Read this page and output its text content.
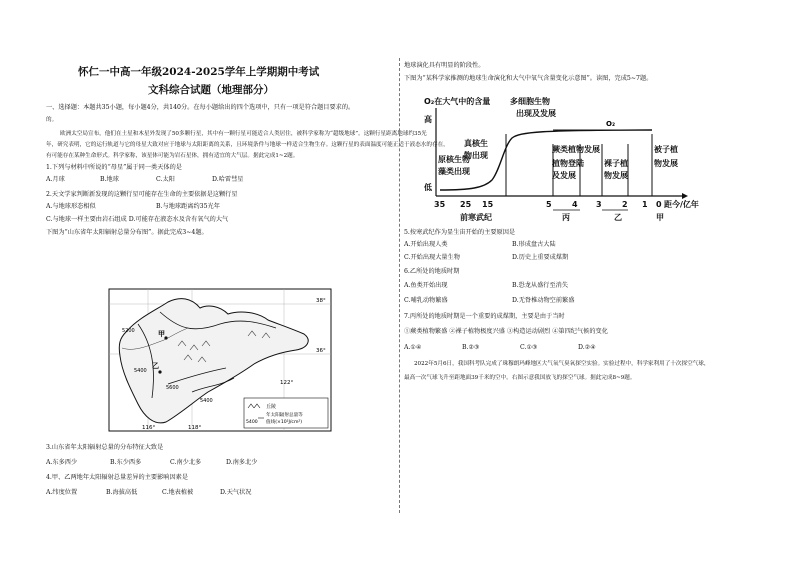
怀仁一中高一年级2024-2025学年上学期期中考试
文科综合试题（地理部分）
一、选择题：本题共35小题，每小题4分，共140分。在每小题给出的四个选项中，只有一项是符合题目要求的。
的。
欧洲太空局宣布，他们在土星和木星外发现了50多颗行星，其中有一颗行星可能适合人类居住，被科学家称为“超级地球”。这颗行星距离地球约35光
年，研究表明，它的运行轨道与它的母星大致对应于地球与太阳距离的关系，且环境条件与地球一样适合生物生存。这颗行星的表面温度可能正适于液态水的存在，
有可能存在某种生命形式。科学家称，该星体可能为岩石星体，拥有适宜的大气层。据此完成1~2题。
1.下列与材料中所说的“母星”属于同一类天体的是
A.月球	B.地球	C.太阳	D.哈雷彗星
2.天文学家判断新发现的这颗行星可能存在生命的主要依据是这颗行星
A.与地球形态相似	B.与地球距离约35光年
C.与地球一样主要由岩石组成 D.可能存在液态水及含有氧气的大气
下图为“山东省年太阳辐射总量分布图”。据此完成3~4题。
5200
5400
5600
5400
甲
乙
38°
36°
116°	118°
122°
丘陵
年太阳辐射总量等
5400 值线(×10²J/cm²)
3.山东省年太阳辐射总量的分布特征大致是
A.东多西少	B.东少西多	C.南少北多	D.南多北少
4.甲、乙两地年太阳辐射总量差异的主要影响因素是
A.纬度位置	B.海拔高低	C.地表植被	D.天气状况
地球演化具有明显的阶段性。
下图为“某科学家推测的地球生命演化和大气中氧气含量变化示意图”。读图，完成5~7题。
O₂在大气中的含量
高
低
O₂
原核生物
藻类出现
真核生
物出现
多细胞生物
出现及发展
蕨类植物发展
植物登陆
及发展
裸子植
物发展
被子植
物发展
35 25 15	5	4 3	2 1 0 距今/亿年
前寒武纪	丙	乙	甲
5.按寒武纪作为显生宙开始的主要原因是
A.开始出现人类	B.形成盘古大陆
C.开始出现大量生物	D.历史上重要成煤期
6.乙所处的地质时期
A.鱼类开始出现	B.恐龙从盛行至消失
C.哺乳动物繁盛	D.无脊椎动物空前繁盛
7.丙所处的地质时期是一个重要的成煤期，主要是由于当时
①蕨类植物繁盛 ②裸子植物极度兴盛 ③构造运动剧烈 ④第四纪气候的变化
A.①④	B.②③	C.①③	D.②④
2022年5月6日，我国科考队完成了珠穆朗玛峰地区大气氧气臭氧探空实验。实验过程中，科学家利用了十次探空气球，
最高一次气球飞升至距地面39千米的空中。右图示意我国放飞的探空气球。据此完成8~9题。
